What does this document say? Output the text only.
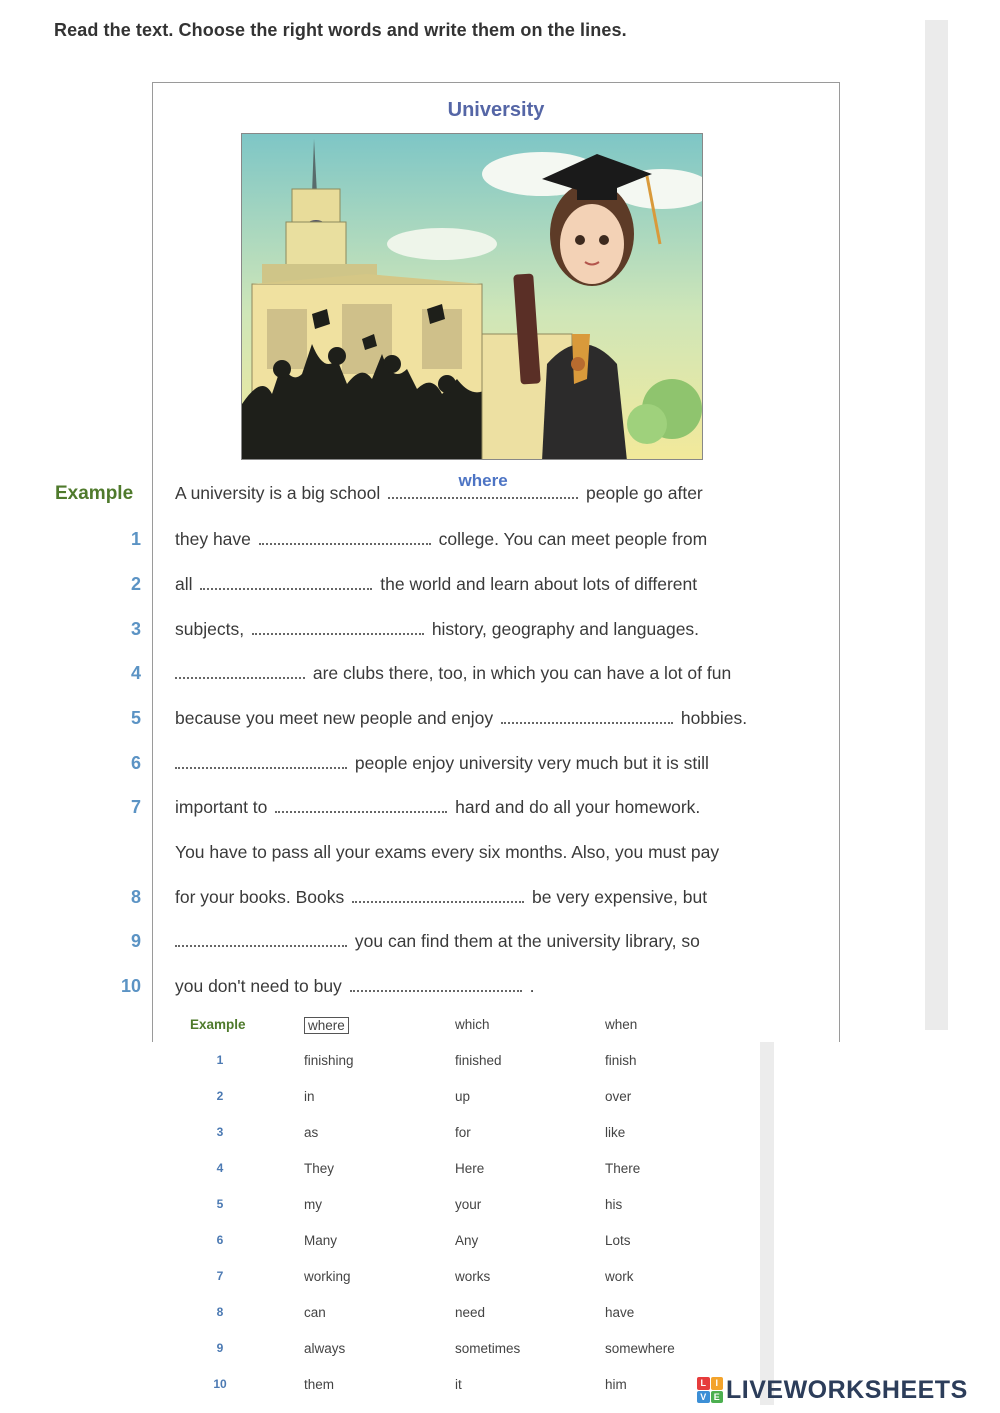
Read the text. Choose the right words and write them on the lines.
University
Example	A university is a big school
where
people go after
1 they have	college. You can meet people from
2 all	the world and learn about lots of different
3 subjects,	history, geography and languages.
4	are clubs there, too, in which you can have a lot of fun
5 because you meet new people and enjoy	hobbies.
6	people enjoy university very much but it is still
7 important to	hard and do all your homework.
You have to pass all your exams every six months. Also, you must pay
8 for your books. Books	be very expensive, but
9	you can find them at the university library, so
10 you don't need to buy	.
Example	where	which	when
1	finishing	finished	finish
2	in	up	over
3	as	for	like
4	They	Here	There
5	my	your	his
6	Many	Any	Lots
7	working	works	work
8	can	need	have
9	always	sometimes	somewhere
10	them	it	him	L	I
V E LIVEWORKSHEETS
